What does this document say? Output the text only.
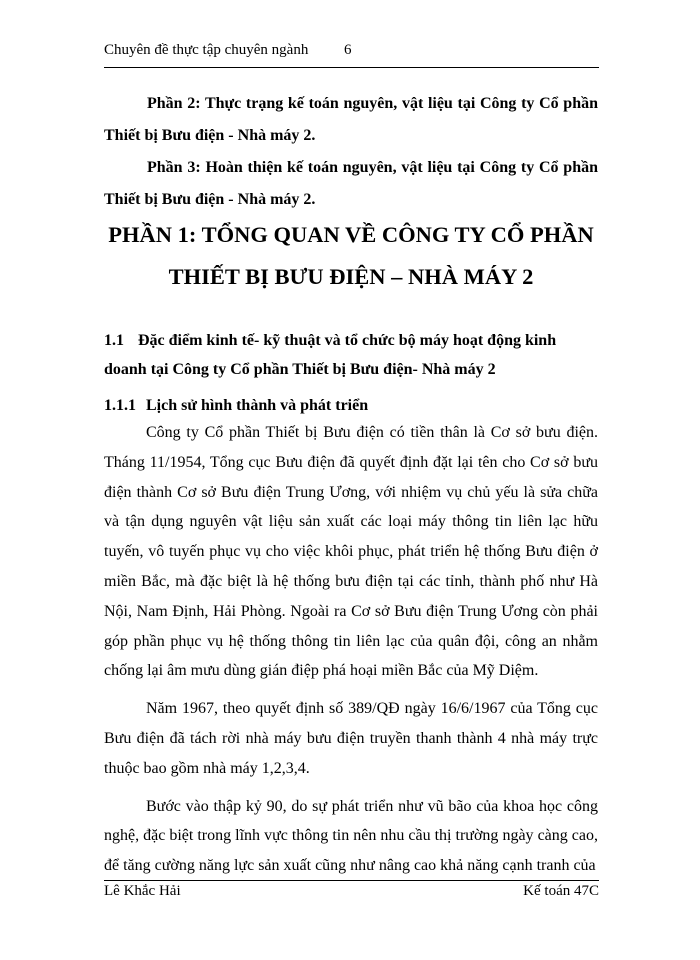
Chuyên đề thực tập chuyên ngành 6

Phần 2: Thực trạng kế toán nguyên, vật liệu tại Công ty Cổ phần Thiết bị Bưu điện - Nhà máy 2.

Phần 3: Hoàn thiện kế toán nguyên, vật liệu tại Công ty Cổ phần Thiết bị Bưu điện - Nhà máy 2.

PHẦN 1: TỔNG QUAN VỀ CÔNG TY CỔ PHẦN
THIẾT BỊ BƯU ĐIỆN – NHÀ MÁY 2
1.1 Đặc điểm kinh tế- kỹ thuật và tổ chức bộ máy hoạt động kinh
doanh tại Công ty Cổ phần Thiết bị Bưu điện- Nhà máy 2
1.1.1 Lịch sử hình thành và phát triển

Công ty Cổ phần Thiết bị Bưu điện có tiền thân là Cơ sở bưu điện. Tháng 11/1954, Tổng cục Bưu điện đã quyết định đặt lại tên cho Cơ sở bưu điện thành Cơ sở Bưu điện Trung Ương, với nhiệm vụ chủ yếu là sửa chữa và tận dụng nguyên vật liệu sản xuất các loại máy thông tin liên lạc hữu tuyến, vô tuyến phục vụ cho việc khôi phục, phát triển hệ thống Bưu điện ở miền Bắc, mà đặc biệt là hệ thống bưu điện tại các tỉnh, thành phố như Hà Nội, Nam Định, Hải Phòng. Ngoài ra Cơ sở Bưu điện Trung Ương còn phải góp phần phục vụ hệ thống thông tin liên lạc của quân đội, công an nhằm chống lại âm mưu dùng gián điệp phá hoại miền Bắc của Mỹ Diệm.

Năm 1967, theo quyết định số 389/QĐ ngày 16/6/1967 của Tổng cục Bưu điện đã tách rời nhà máy bưu điện truyền thanh thành 4 nhà máy trực thuộc bao gồm nhà máy 1,2,3,4.

Bước vào thập kỷ 90, do sự phát triển như vũ bão của khoa học công nghệ, đặc biệt trong lĩnh vực thông tin nên nhu cầu thị trường ngày càng cao, để tăng cường năng lực sản xuất cũng như nâng cao khả năng cạnh tranh của

Lê Khắc Hải	Kế toán 47C
